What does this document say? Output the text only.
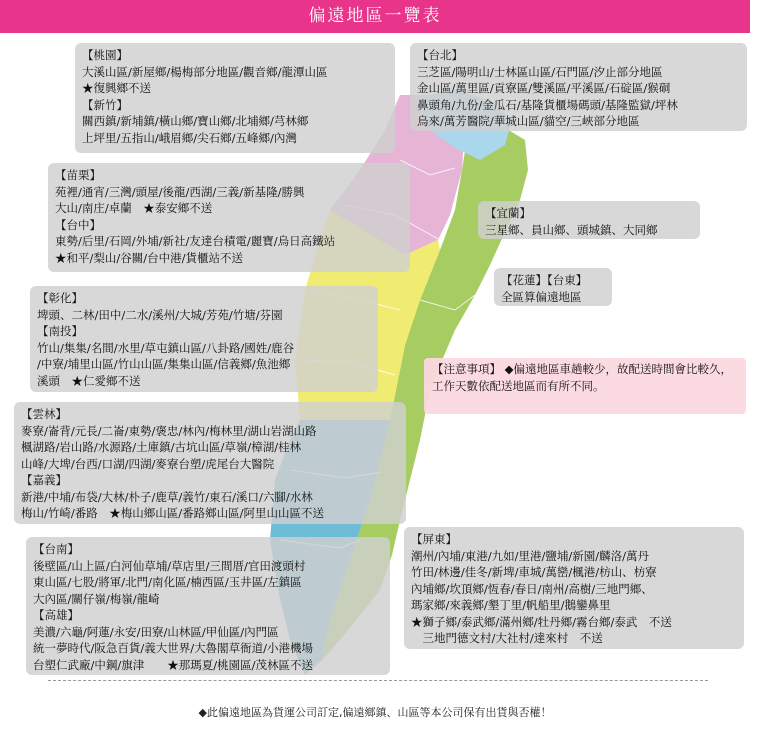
偏遠地區一覽表
【桃園】
大溪山區/新屋鄉/楊梅部分地區/觀音鄉/龍潭山區
★復興鄉不送
【新竹】
關西鎮/新埔鎮/橫山鄉/寶山鄉/北埔鄉/芎林鄉
上坪里/五指山/峨眉鄉/尖石鄉/五峰鄉/內灣
【台北】
三芝區/陽明山/士林區山區/石門區/汐止部分地區
金山區/萬里區/貢寮區/雙溪區/平溪區/石碇區/猴硐
鼻頭角/九份/金瓜石/基隆貨櫃場碼頭/基隆監獄/坪林
烏來/萬芳醫院/華城山區/貓空/三峽部分地區
【苗栗】
苑裡/通宵/三灣/頭屋/後龍/西湖/三義/新基隆/勝興
大山/南庄/卓蘭　★泰安鄉不送
【台中】
東勢/后里/石岡/外埔/新社/友達台積電/麗寶/烏日高鐵站
★和平/梨山/谷關/台中港/貨櫃站不送
【宜蘭】
三星鄉、員山鄉、頭城鎮、大同鄉
【花蓮】【台東】
全區算偏遠地區
【彰化】
埤頭、二林/田中/二水/溪州/大城/芳苑/竹塘/芬園
【南投】
竹山/集集/名間/水里/草屯鎮山區/八卦路/國姓/鹿谷
/中寮/埔里山區/竹山山區/集集山區/信義鄉/魚池鄉
溪頭　★仁愛鄉不送
【注意事項】 ◆偏遠地區車趟較少，故配送時間會比較久， 　　工作天數依配送地區而有所不同。
【雲林】
麥寮/崙背/元長/二崙/東勢/褒忠/林內/梅林里/湖山岩湖山路
楓湖路/岩山路/水源路/土庫鎮/古坑山區/草嶺/樟湖/桂林
山峰/大埤/台西/口湖/四湖/麥寮台塑/虎尾台大醫院
【嘉義】
新港/中埔/布袋/大林/朴子/鹿草/義竹/東石/溪口/六腳/水林
梅山/竹崎/番路　★梅山鄉山區/番路鄉山區/阿里山山區不送
【屏東】
潮州/內埔/東港/九如/里港/鹽埔/新園/麟洛/萬丹
竹田/林邊/佳冬/新埤/車城/萬巒/楓港/枋山、枋寮
內埔鄉/坎頂鄉/恆春/春日/南州/高樹/三地門鄉、
瑪家鄉/來義鄉/墾丁里/帆船里/鵝鑾鼻里
★獅子鄉/泰武鄉/滿州鄉/牡丹鄉/霧台鄉/泰武　不送
　三地門德文村/大社村/達來村　不送
【台南】
後壁區/山上區/白河仙草埔/草店里/三間厝/官田渡頭村
東山區/七股/將軍/北門/南化區/楠西區/玉井區/左鎮區
大內區/關仔嶺/梅嶺/龍崎
【高雄】
美濃/六龜/阿蓮/永安/田寮/山林區/甲仙區/內門區
統一夢時代/阪急百貨/義大世界/大魯閣草衙道/小港機場
台塑仁武廠/中鋼/旗津　　★那瑪夏/桃園區/茂林區不送
◆此偏遠地區為貨運公司訂定,偏遠鄉鎮、山區等本公司保有出貨與否權！
